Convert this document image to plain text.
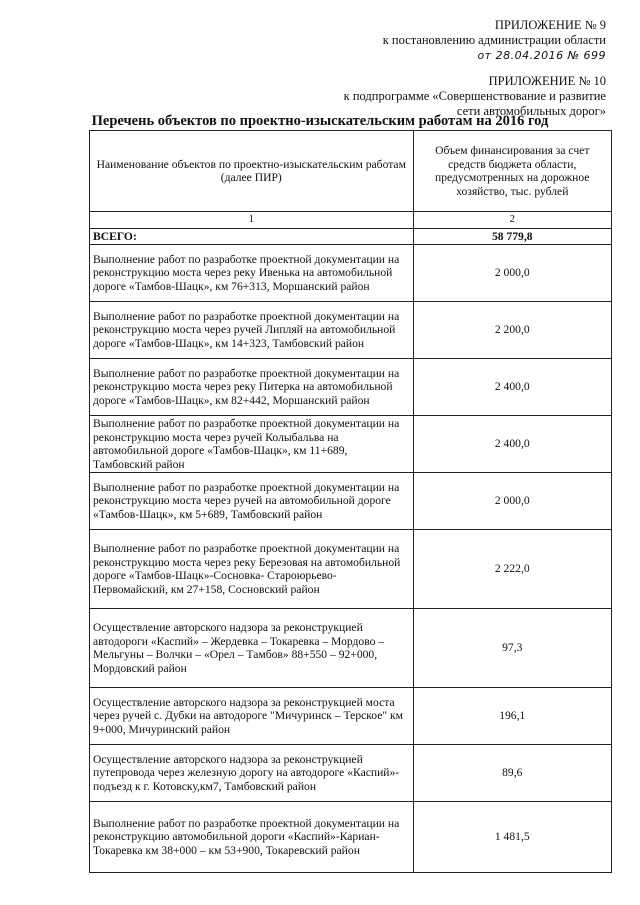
ПРИЛОЖЕНИЕ № 9
к постановлению администрации области
от 28.04.2016 № 699
ПРИЛОЖЕНИЕ № 10
к подпрограмме «Совершенствование и развитие
сети автомобильных дорог»
Перечень объектов по проектно-изыскательским работам на 2016 год
Наименование объектов по проектно-изыскательским работам (далее ПИР)	Объем финансирования за счет средств бюджета области, предусмотренных на дорожное хозяйство, тыс. рублей
1	2
ВСЕГО:	58 779,8
Выполнение работ по разработке проектной документации на реконструкцию моста через реку Ивенька на автомобильной дороге «Тамбов-Шацк», км 76+313, Моршанский район	2 000,0
Выполнение работ по разработке проектной документации на реконструкцию моста через ручей Липляй на автомобильной дороге «Тамбов-Шацк», км 14+323, Тамбовский район	2 200,0
Выполнение работ по разработке проектной документации на реконструкцию моста через реку Питерка на автомобильной дороге «Тамбов-Шацк», км 82+442, Моршанский район	2 400,0
Выполнение работ по разработке проектной документации на реконструкцию моста через ручей Колыбальва на автомобильной дороге «Тамбов-Шацк», км 11+689, Тамбовский район	2 400,0
Выполнение работ по разработке проектной документации на реконструкцию моста через ручей на автомобильной дороге «Тамбов-Шацк», км 5+689, Тамбовский район	2 000,0
Выполнение работ по разработке проектной документации на реконструкцию моста через реку Березовая на автомобильной дороге «Тамбов-Шацк»-Сосновка- Староюрьево- Первомайский, км 27+158, Сосновский район	2 222,0
Осуществление авторского надзора за реконструкцией автодороги «Каспий» – Жердевка – Токаревка – Мордово – Мельгуны – Волчки – «Орел – Тамбов» 88+550 – 92+000, Мордовский район	97,3
Осуществление авторского надзора за реконструкцией моста через ручей с. Дубки на автодороге "Мичуринск – Терское" км 9+000, Мичуринский район	196,1
Осуществление авторского надзора за реконструкцией путепровода через железную дорогу на автодороге «Каспий»-подъезд к г. Котовску,км7, Тамбовский район	89,6
Выполнение работ по разработке проектной документации на реконструкцию автомобильной дороги «Каспий»-Кариан-Токаревка км 38+000 – км 53+900, Токаревский район	1 481,5
